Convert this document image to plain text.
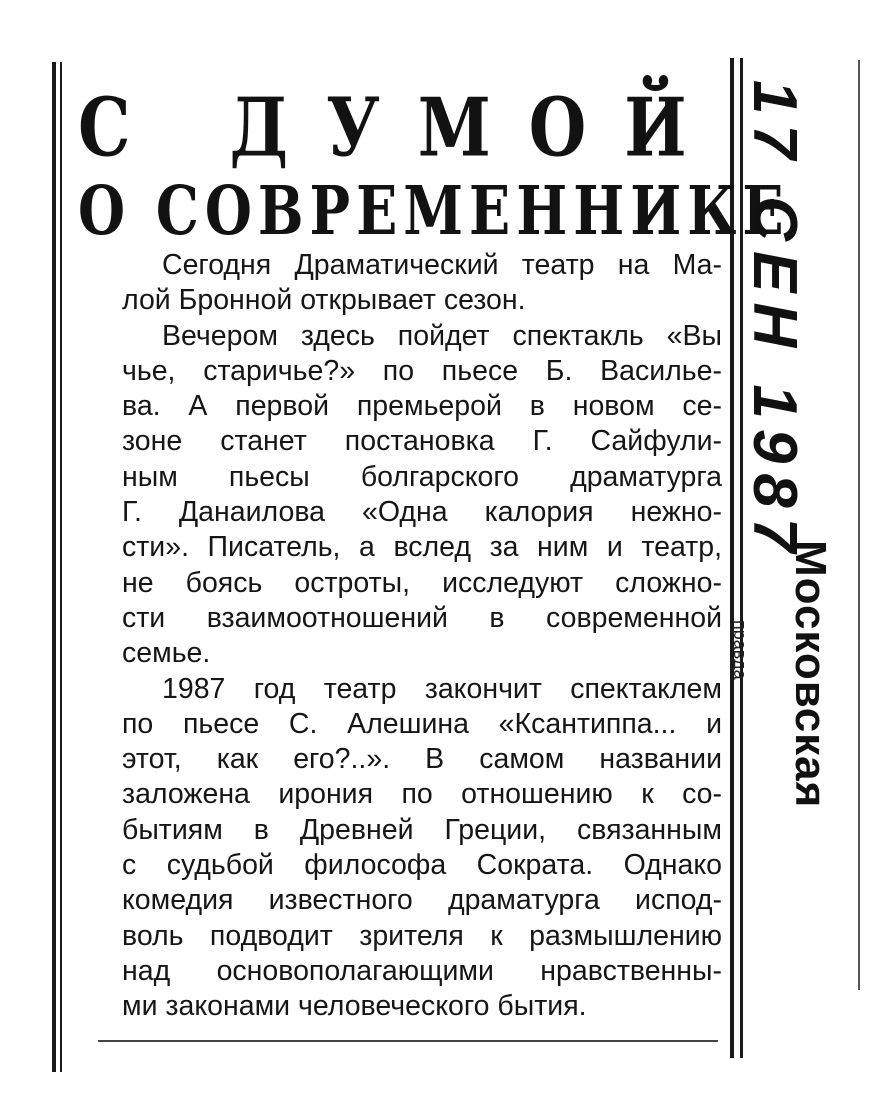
С ДУМОЙ
О СОВРЕМЕННИКЕ
Сегодня Драматический театр на Ма-
лой Бронной открывает сезон.
Вечером здесь пойдет спектакль «Вы
чье, старичье?» по пьесе Б. Василье-
ва. А первой премьерой в новом се-
зоне станет постановка Г. Сайфули-
ным пьесы болгарского драматурга
Г. Данаилова «Одна калория нежно-
сти». Писатель, а вслед за ним и театр,
не боясь остроты, исследуют сложно-
сти взаимоотношений в современной
семье.
1987 год театр закончит спектаклем
по пьесе С. Алешина «Ксантиппа... и
этот, как его?..». В самом названии
заложена ирония по отношению к со-
бытиям в Древней Греции, связанным
с судьбой философа Сократа. Однако
комедия известного драматурга испод-
воль подводит зрителя к размышлению
над основополагающими нравственны-
ми законами человеческого бытия.
17 СЕН 1987
Московская
правда
